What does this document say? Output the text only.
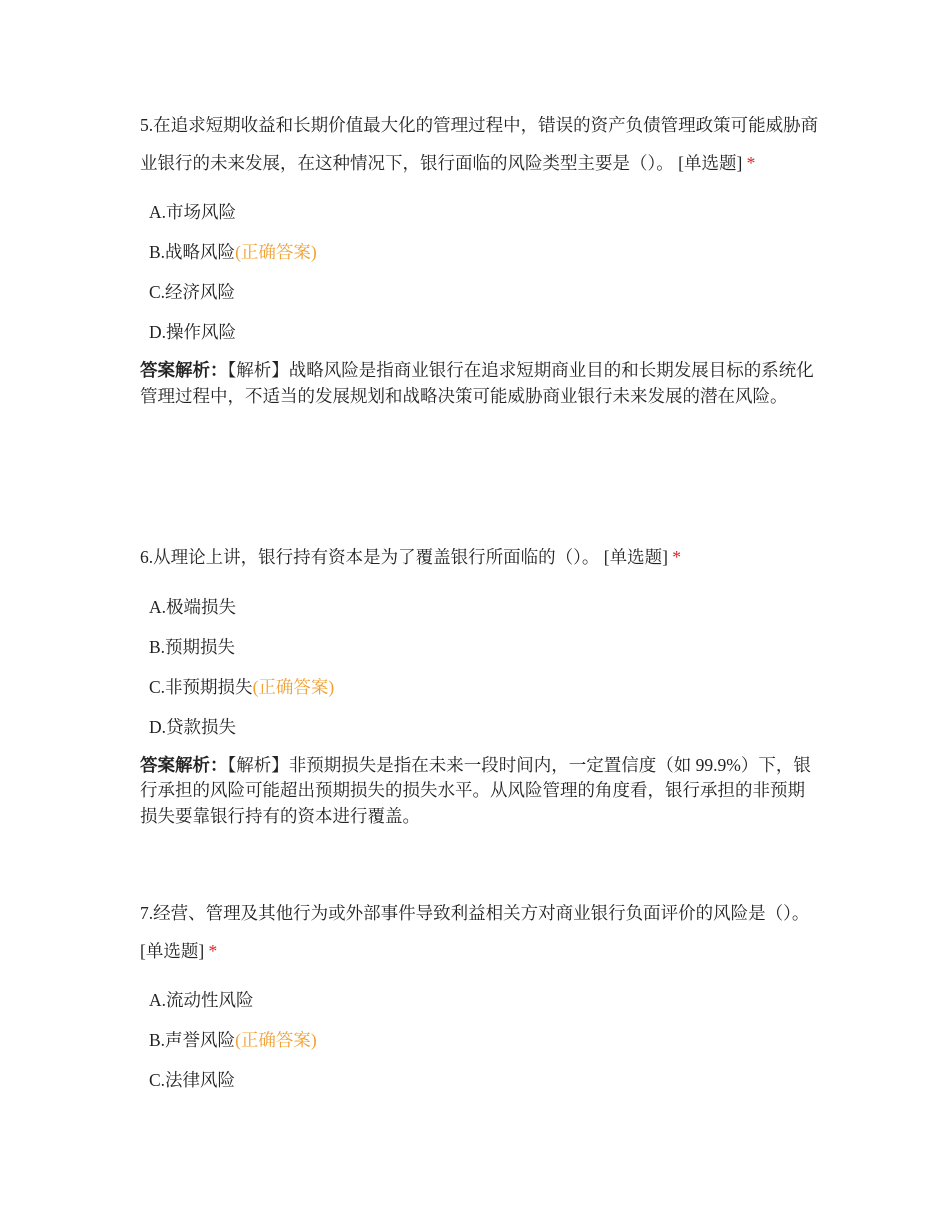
5.在追求短期收益和长期价值最大化的管理过程中，错误的资产负债管理政策可能威胁商业银行的未来发展，在这种情况下，银行面临的风险类型主要是（）。 [单选题] *

A.市场风险
B.战略风险(正确答案)
C.经济风险
D.操作风险

答案解析：【解析】战略风险是指商业银行在追求短期商业目的和长期发展目标的系统化管理过程中，不适当的发展规划和战略决策可能威胁商业银行未来发展的潜在风险。

6.从理论上讲，银行持有资本是为了覆盖银行所面临的（）。 [单选题] *

A.极端损失
B.预期损失
C.非预期损失(正确答案)
D.贷款损失

答案解析：【解析】非预期损失是指在未来一段时间内，一定置信度（如 99.9%）下，银行承担的风险可能超出预期损失的损失水平。从风险管理的角度看，银行承担的非预期损失要靠银行持有的资本进行覆盖。

7.经营、管理及其他行为或外部事件导致利益相关方对商业银行负面评价的风险是（）。 [单选题] *

A.流动性风险
B.声誉风险(正确答案)
C.法律风险
